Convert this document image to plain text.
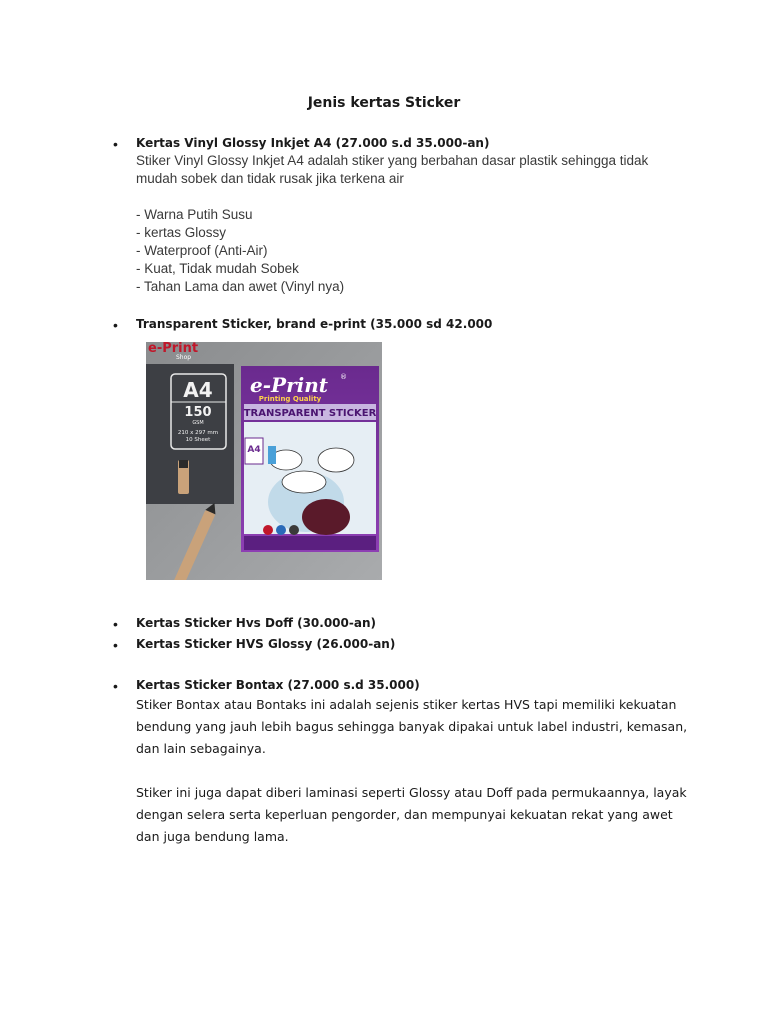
Jenis kertas Sticker
• Kertas Vinyl Glossy Inkjet A4 (27.000 s.d 35.000-an)
Stiker Vinyl Glossy Inkjet A4 adalah stiker yang berbahan dasar plastik sehingga tidak
mudah sobek dan tidak rusak jika terkena air
- Warna Putih Susu
- kertas Glossy
- Waterproof (Anti-Air)
- Kuat, Tidak mudah Sobek
- Tahan Lama dan awet (Vinyl nya)
• Transparent Sticker, brand e-print (35.000 sd 42.000
e-Print
Shop
A4
150
GSM
210 x 297 mm
10 Sheet
e-Print ®
Printing Quality
TRANSPARENT STICKER
A4
• Kertas Sticker Hvs Doff (30.000-an)
• Kertas Sticker HVS Glossy (26.000-an)
• Kertas Sticker Bontax (27.000 s.d 35.000)
Stiker Bontax atau Bontaks ini adalah sejenis stiker kertas HVS tapi memiliki kekuatan
bendung yang jauh lebih bagus sehingga banyak dipakai untuk label industri, kemasan,
dan lain sebagainya.
Stiker ini juga dapat diberi laminasi seperti Glossy atau Doff pada permukaannya, layak
dengan selera serta keperluan pengorder, dan mempunyai kekuatan rekat yang awet
dan juga bendung lama.
